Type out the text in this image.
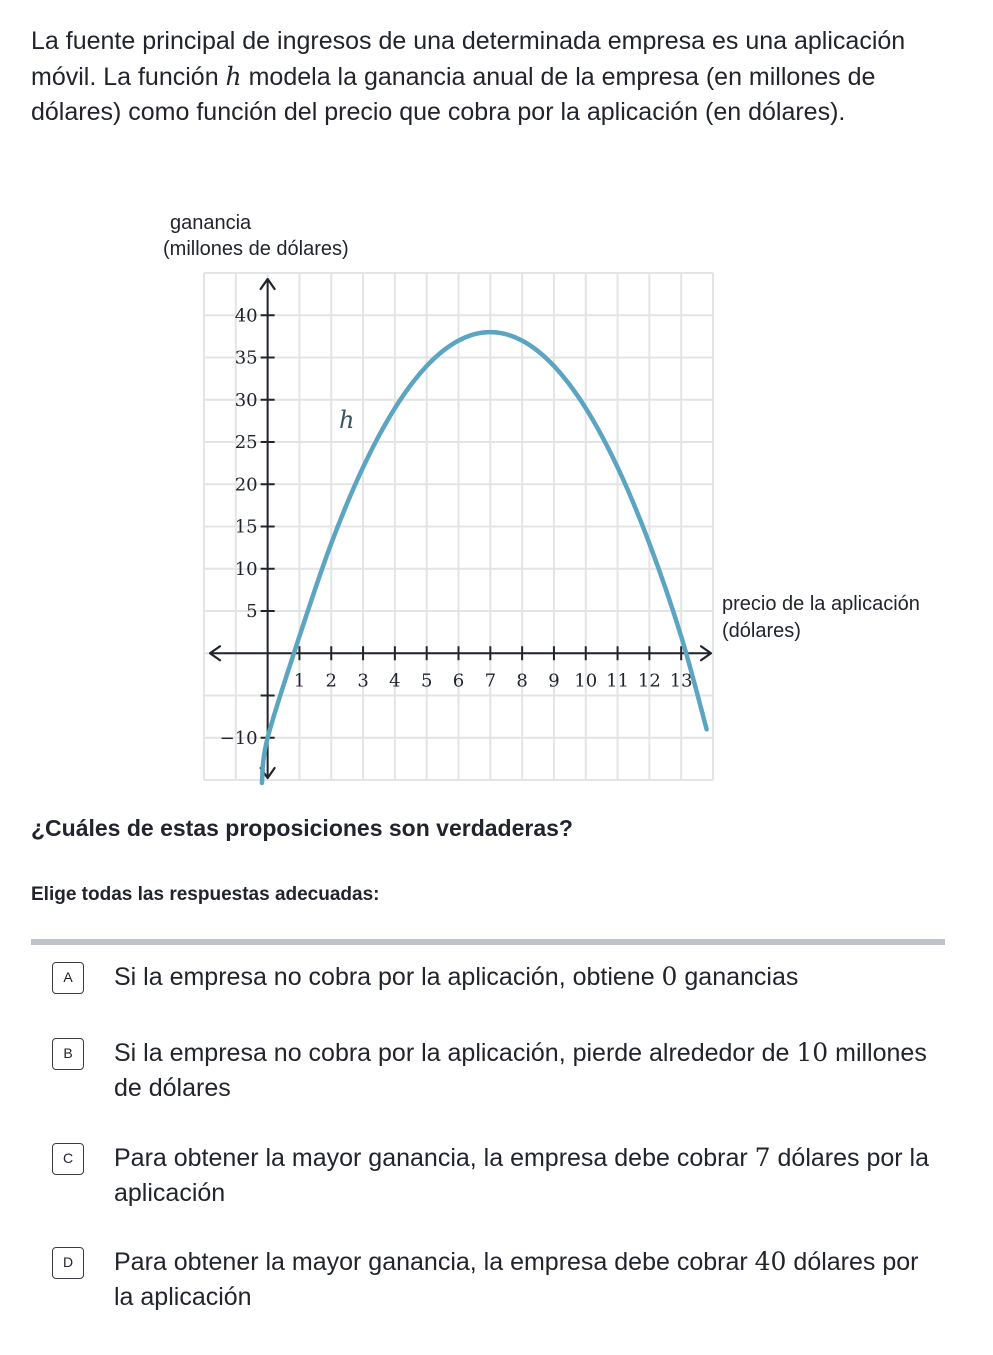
La fuente principal de ingresos de una determinada empresa es una aplicación móvil. La función h modela la ganancia anual de la empresa (en millones de dólares) como función del precio que cobra por la aplicación (en dólares).

1 2 3 4 5 6 7 8 9 10 11 12 13
−10
5
10
15
20
25
30
35
40
ganancia
(millones de dólares)
precio de la aplicación
(dólares)
h

¿Cuáles de estas proposiciones son verdaderas?

Elige todas las respuestas adecuadas:

A	Si la empresa no cobra por la aplicación, obtiene 0 ganancias
B	Si la empresa no cobra por la aplicación, pierde alrededor de 10 millones de dólares
C	Para obtener la mayor ganancia, la empresa debe cobrar 7 dólares por la aplicación
D	Para obtener la mayor ganancia, la empresa debe cobrar 40 dólares por la aplicación
